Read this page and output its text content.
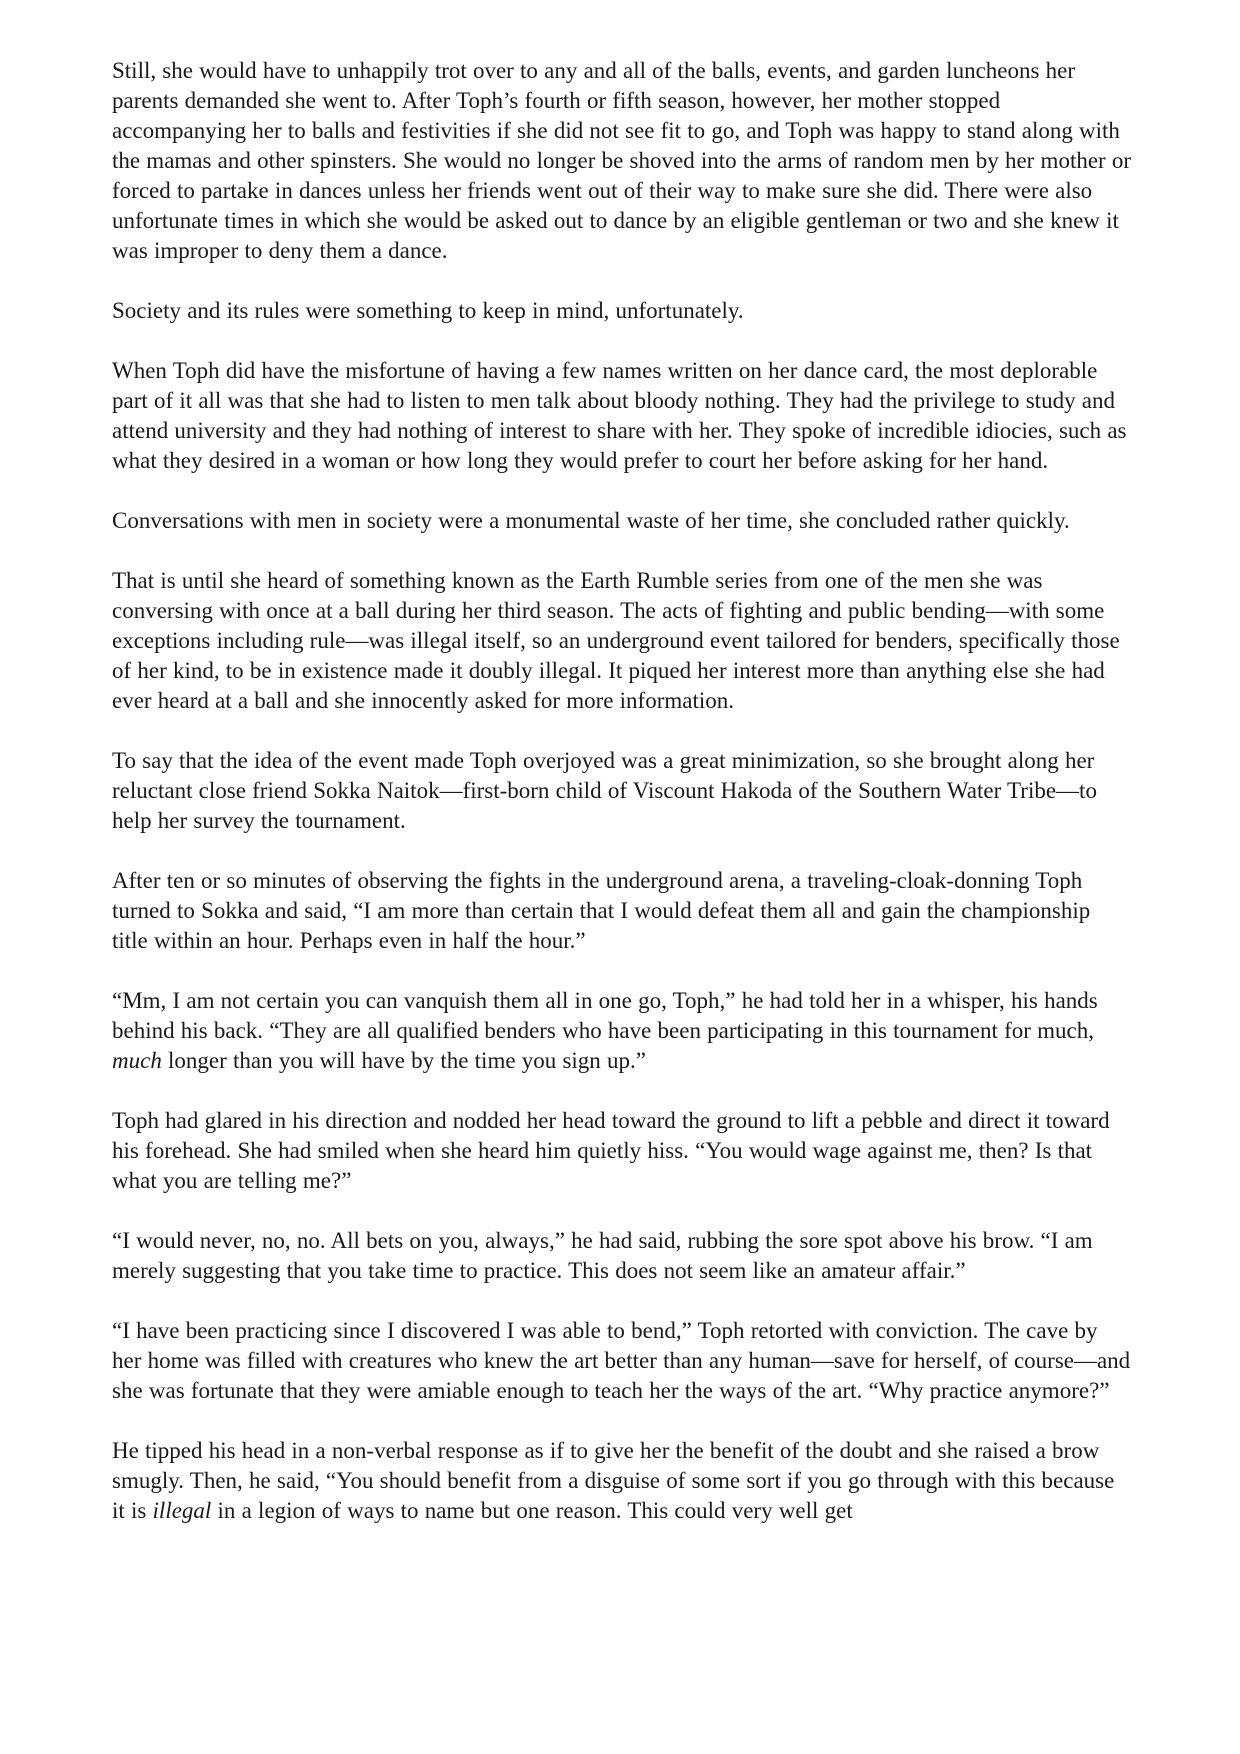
Still, she would have to unhappily trot over to any and all of the balls, events, and garden luncheons her parents demanded she went to. After Toph’s fourth or fifth season, however, her mother stopped accompanying her to balls and festivities if she did not see fit to go, and Toph was happy to stand along with the mamas and other spinsters. She would no longer be shoved into the arms of random men by her mother or forced to partake in dances unless her friends went out of their way to make sure she did. There were also unfortunate times in which she would be asked out to dance by an eligible gentleman or two and she knew it was improper to deny them a dance.

Society and its rules were something to keep in mind, unfortunately.

When Toph did have the misfortune of having a few names written on her dance card, the most deplorable part of it all was that she had to listen to men talk about bloody nothing. They had the privilege to study and attend university and they had nothing of interest to share with her. They spoke of incredible idiocies, such as what they desired in a woman or how long they would prefer to court her before asking for her hand.

Conversations with men in society were a monumental waste of her time, she concluded rather quickly.

That is until she heard of something known as the Earth Rumble series from one of the men she was conversing with once at a ball during her third season. The acts of fighting and public bending—with some exceptions including rule—was illegal itself, so an underground event tailored for benders, specifically those of her kind, to be in existence made it doubly illegal. It piqued her interest more than anything else she had ever heard at a ball and she innocently asked for more information.

To say that the idea of the event made Toph overjoyed was a great minimization, so she brought along her reluctant close friend Sokka Naitok—first-born child of Viscount Hakoda of the Southern Water Tribe—to help her survey the tournament.

After ten or so minutes of observing the fights in the underground arena, a traveling-cloak-donning Toph turned to Sokka and said, “I am more than certain that I would defeat them all and gain the championship title within an hour. Perhaps even in half the hour.”

“Mm, I am not certain you can vanquish them all in one go, Toph,” he had told her in a whisper, his hands behind his back. “They are all qualified benders who have been participating in this tournament for much, much longer than you will have by the time you sign up.”

Toph had glared in his direction and nodded her head toward the ground to lift a pebble and direct it toward his forehead. She had smiled when she heard him quietly hiss. “You would wage against me, then? Is that what you are telling me?”

“I would never, no, no. All bets on you, always,” he had said, rubbing the sore spot above his brow. “I am merely suggesting that you take time to practice. This does not seem like an amateur affair.”

“I have been practicing since I discovered I was able to bend,” Toph retorted with conviction. The cave by her home was filled with creatures who knew the art better than any human—save for herself, of course—and she was fortunate that they were amiable enough to teach her the ways of the art. “Why practice anymore?”

He tipped his head in a non-verbal response as if to give her the benefit of the doubt and she raised a brow smugly. Then, he said, “You should benefit from a disguise of some sort if you go through with this because it is illegal in a legion of ways to name but one reason. This could very well get
